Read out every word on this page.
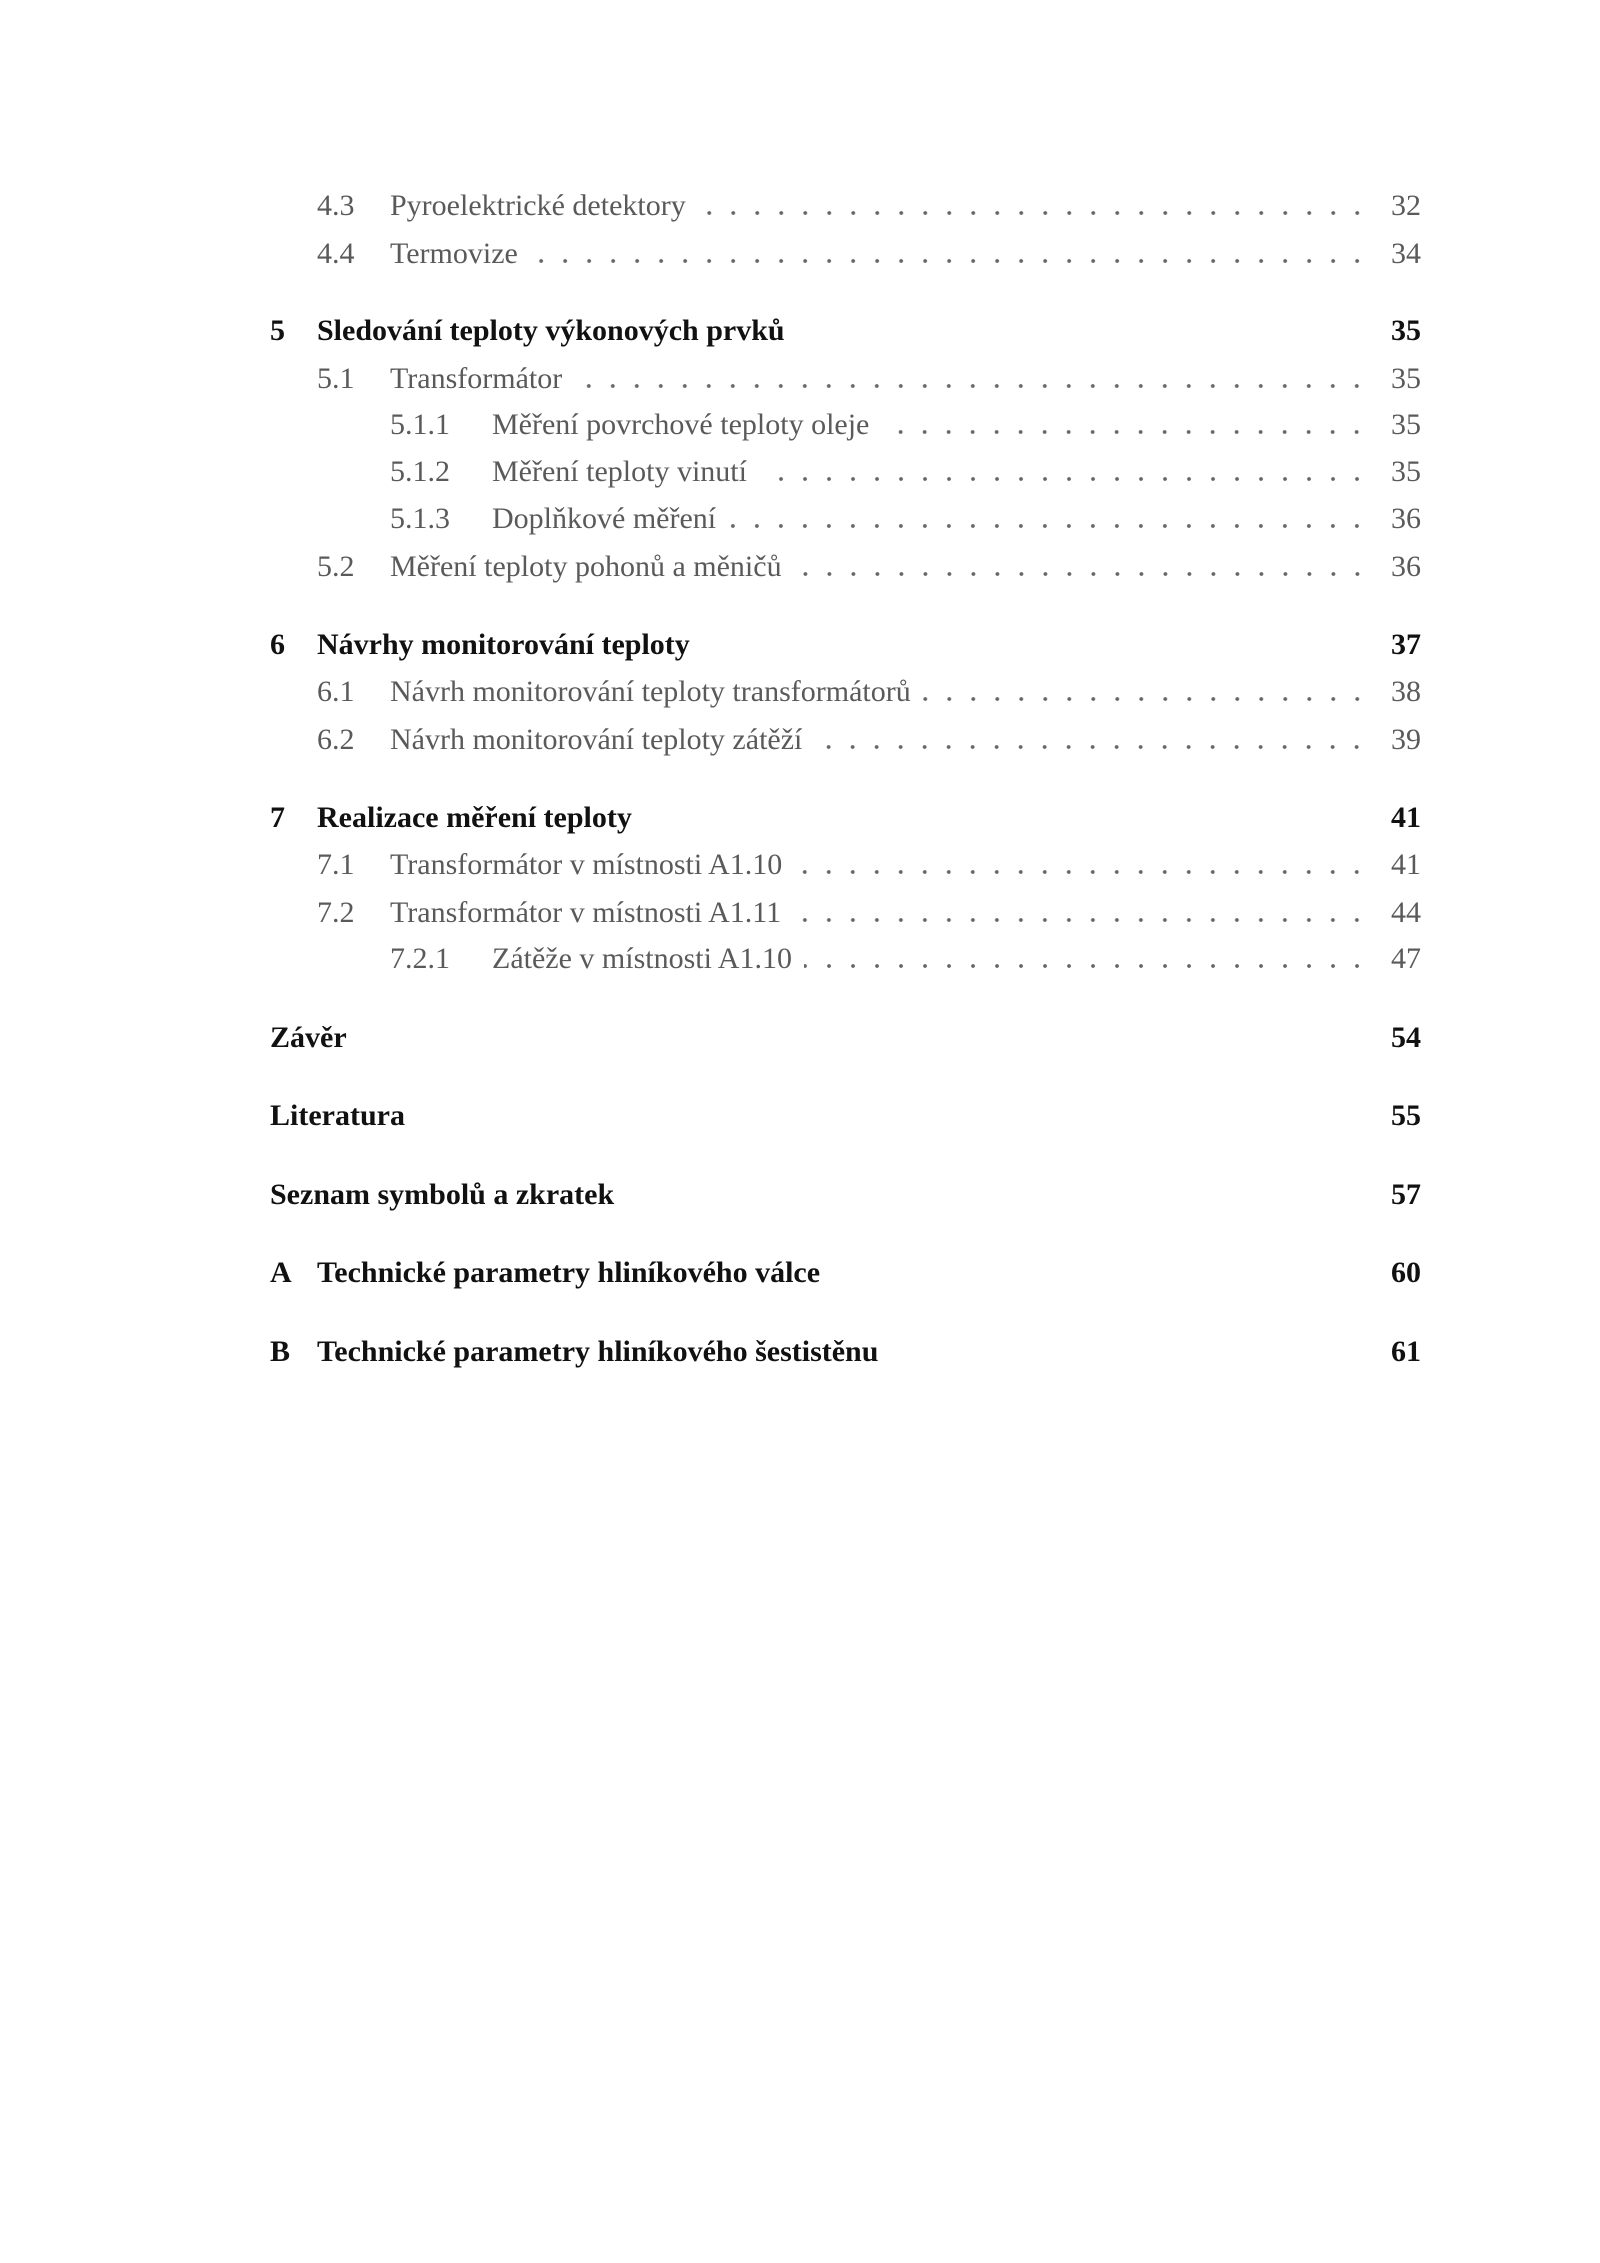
4.3	Pyroelektrické detektory	32
4.4	Termovize	34
5	Sledování teploty výkonových prvků	35
5.1	Transformátor	35
5.1.1	Měření povrchové teploty oleje	35
5.1.2	Měření teploty vinutí	35
5.1.3	Doplňkové měření	36
5.2	Měření teploty pohonů a měničů	36
6	Návrhy monitorování teploty	37
6.1	Návrh monitorování teploty transformátorů	38
6.2	Návrh monitorování teploty zátěží	39
7	Realizace měření teploty	41
7.1	Transformátor v místnosti A1.10	41
7.2	Transformátor v místnosti A1.11	44
7.2.1	Zátěže v místnosti A1.10	47
Závěr	54
Literatura	55
Seznam symbolů a zkratek	57
A Technické parametry hliníkového válce	60
B Technické parametry hliníkového šestistěnu	61
